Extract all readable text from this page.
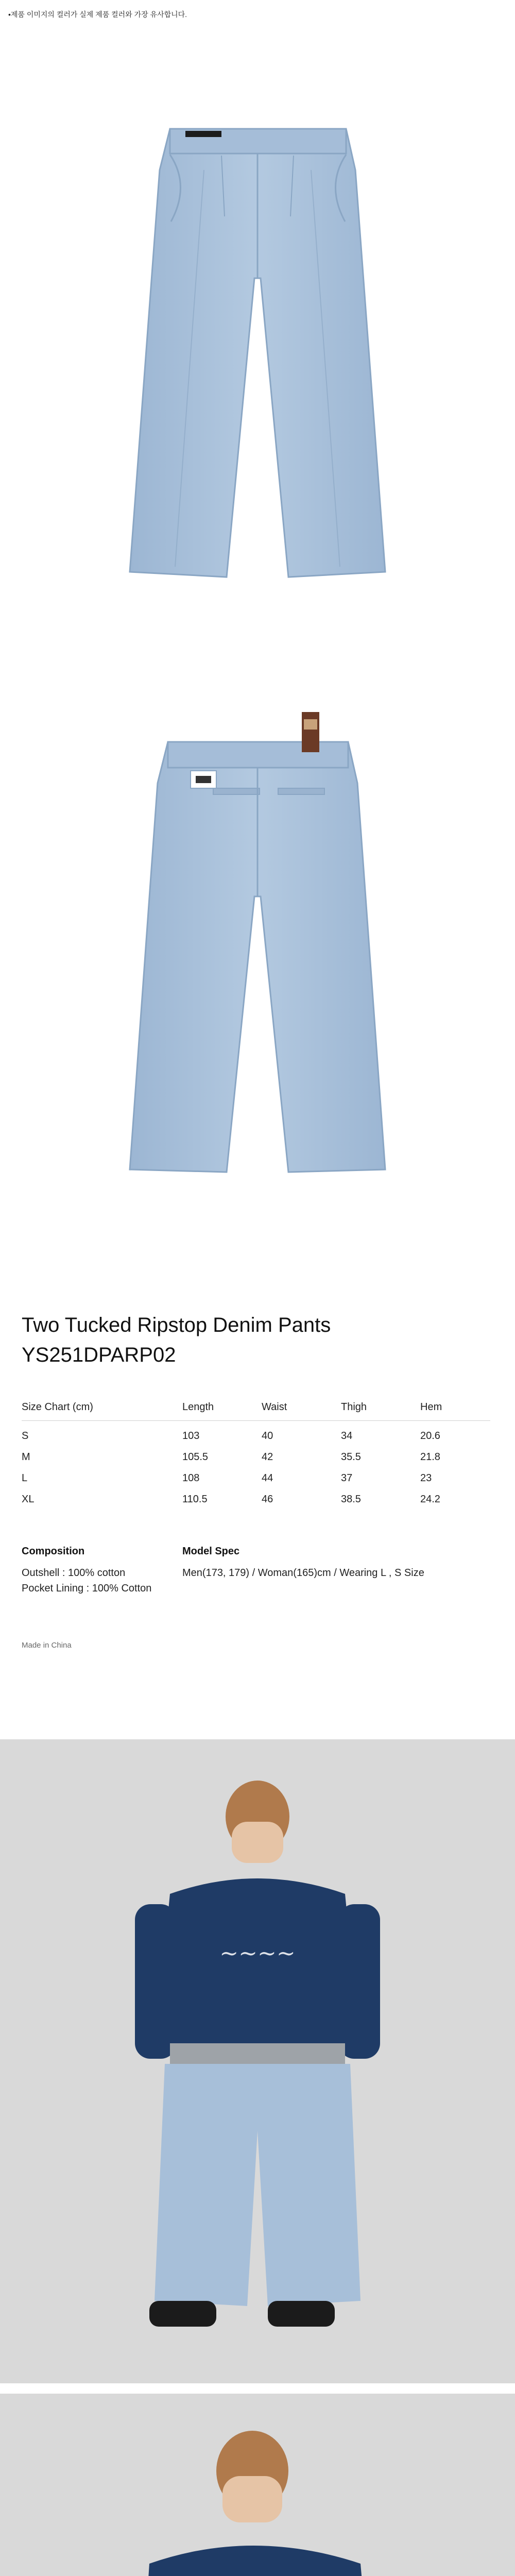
•제품 이미지의 컬러가 실제 제품 컬러와 가장 유사합니다.
Two Tucked Ripstop Denim Pants
YS251DPARP02
Size Chart (cm)	Length	Waist	Thigh	Hem
S	103	40	34	20.6
M	105.5	42	35.5	21.8
L	108	44	37	23
XL	110.5	46	38.5	24.2
Composition
Outshell : 100% cotton
Pocket Lining : 100% Cotton
Model Spec
Men(173, 179) / Woman(165)cm / Wearing L , S Size
Made in China
~~~~
